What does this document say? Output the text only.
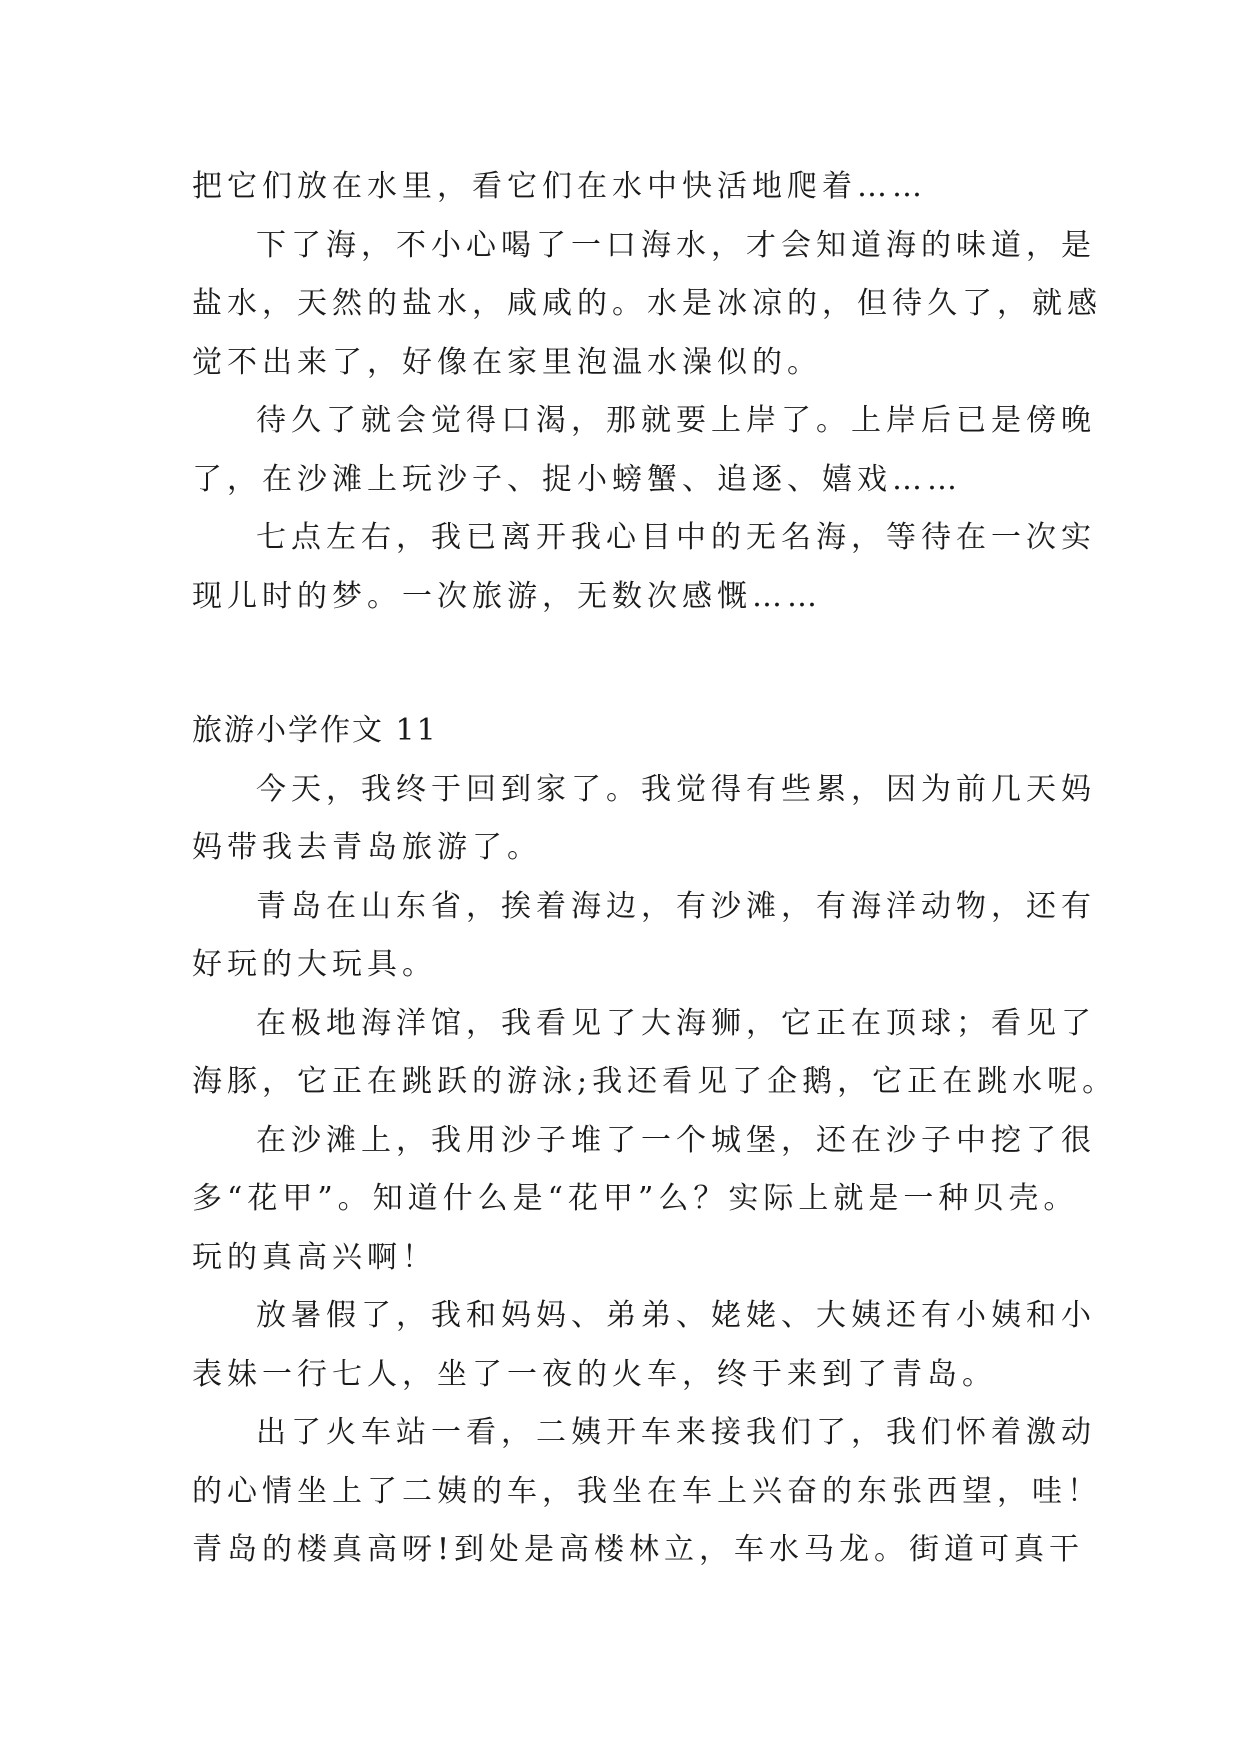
把它们放在水里，看它们在水中快活地爬着……
下了海，不小心喝了一口海水，才会知道海的味道，是
盐水，天然的盐水，咸咸的。水是冰凉的，但待久了，就感
觉不出来了，好像在家里泡温水澡似的。
待久了就会觉得口渴，那就要上岸了。上岸后已是傍晚
了，在沙滩上玩沙子、捉小螃蟹、追逐、嬉戏……
七点左右，我已离开我心目中的无名海，等待在一次实
现儿时的梦。一次旅游，无数次感慨……
旅游小学作文 11
今天，我终于回到家了。我觉得有些累，因为前几天妈
妈带我去青岛旅游了。
青岛在山东省，挨着海边，有沙滩，有海洋动物，还有
好玩的大玩具。
在极地海洋馆，我看见了大海狮，它正在顶球；看见了
海豚，它正在跳跃的游泳;我还看见了企鹅，它正在跳水呢。
在沙滩上，我用沙子堆了一个城堡，还在沙子中挖了很
多“花甲”。知道什么是“花甲”么？实际上就是一种贝壳。
玩的真高兴啊！
放暑假了，我和妈妈、弟弟、姥姥、大姨还有小姨和小
表妹一行七人，坐了一夜的火车，终于来到了青岛。
出了火车站一看，二姨开车来接我们了，我们怀着激动
的心情坐上了二姨的车，我坐在车上兴奋的东张西望，哇！
青岛的楼真高呀!到处是高楼林立，车水马龙。街道可真干
